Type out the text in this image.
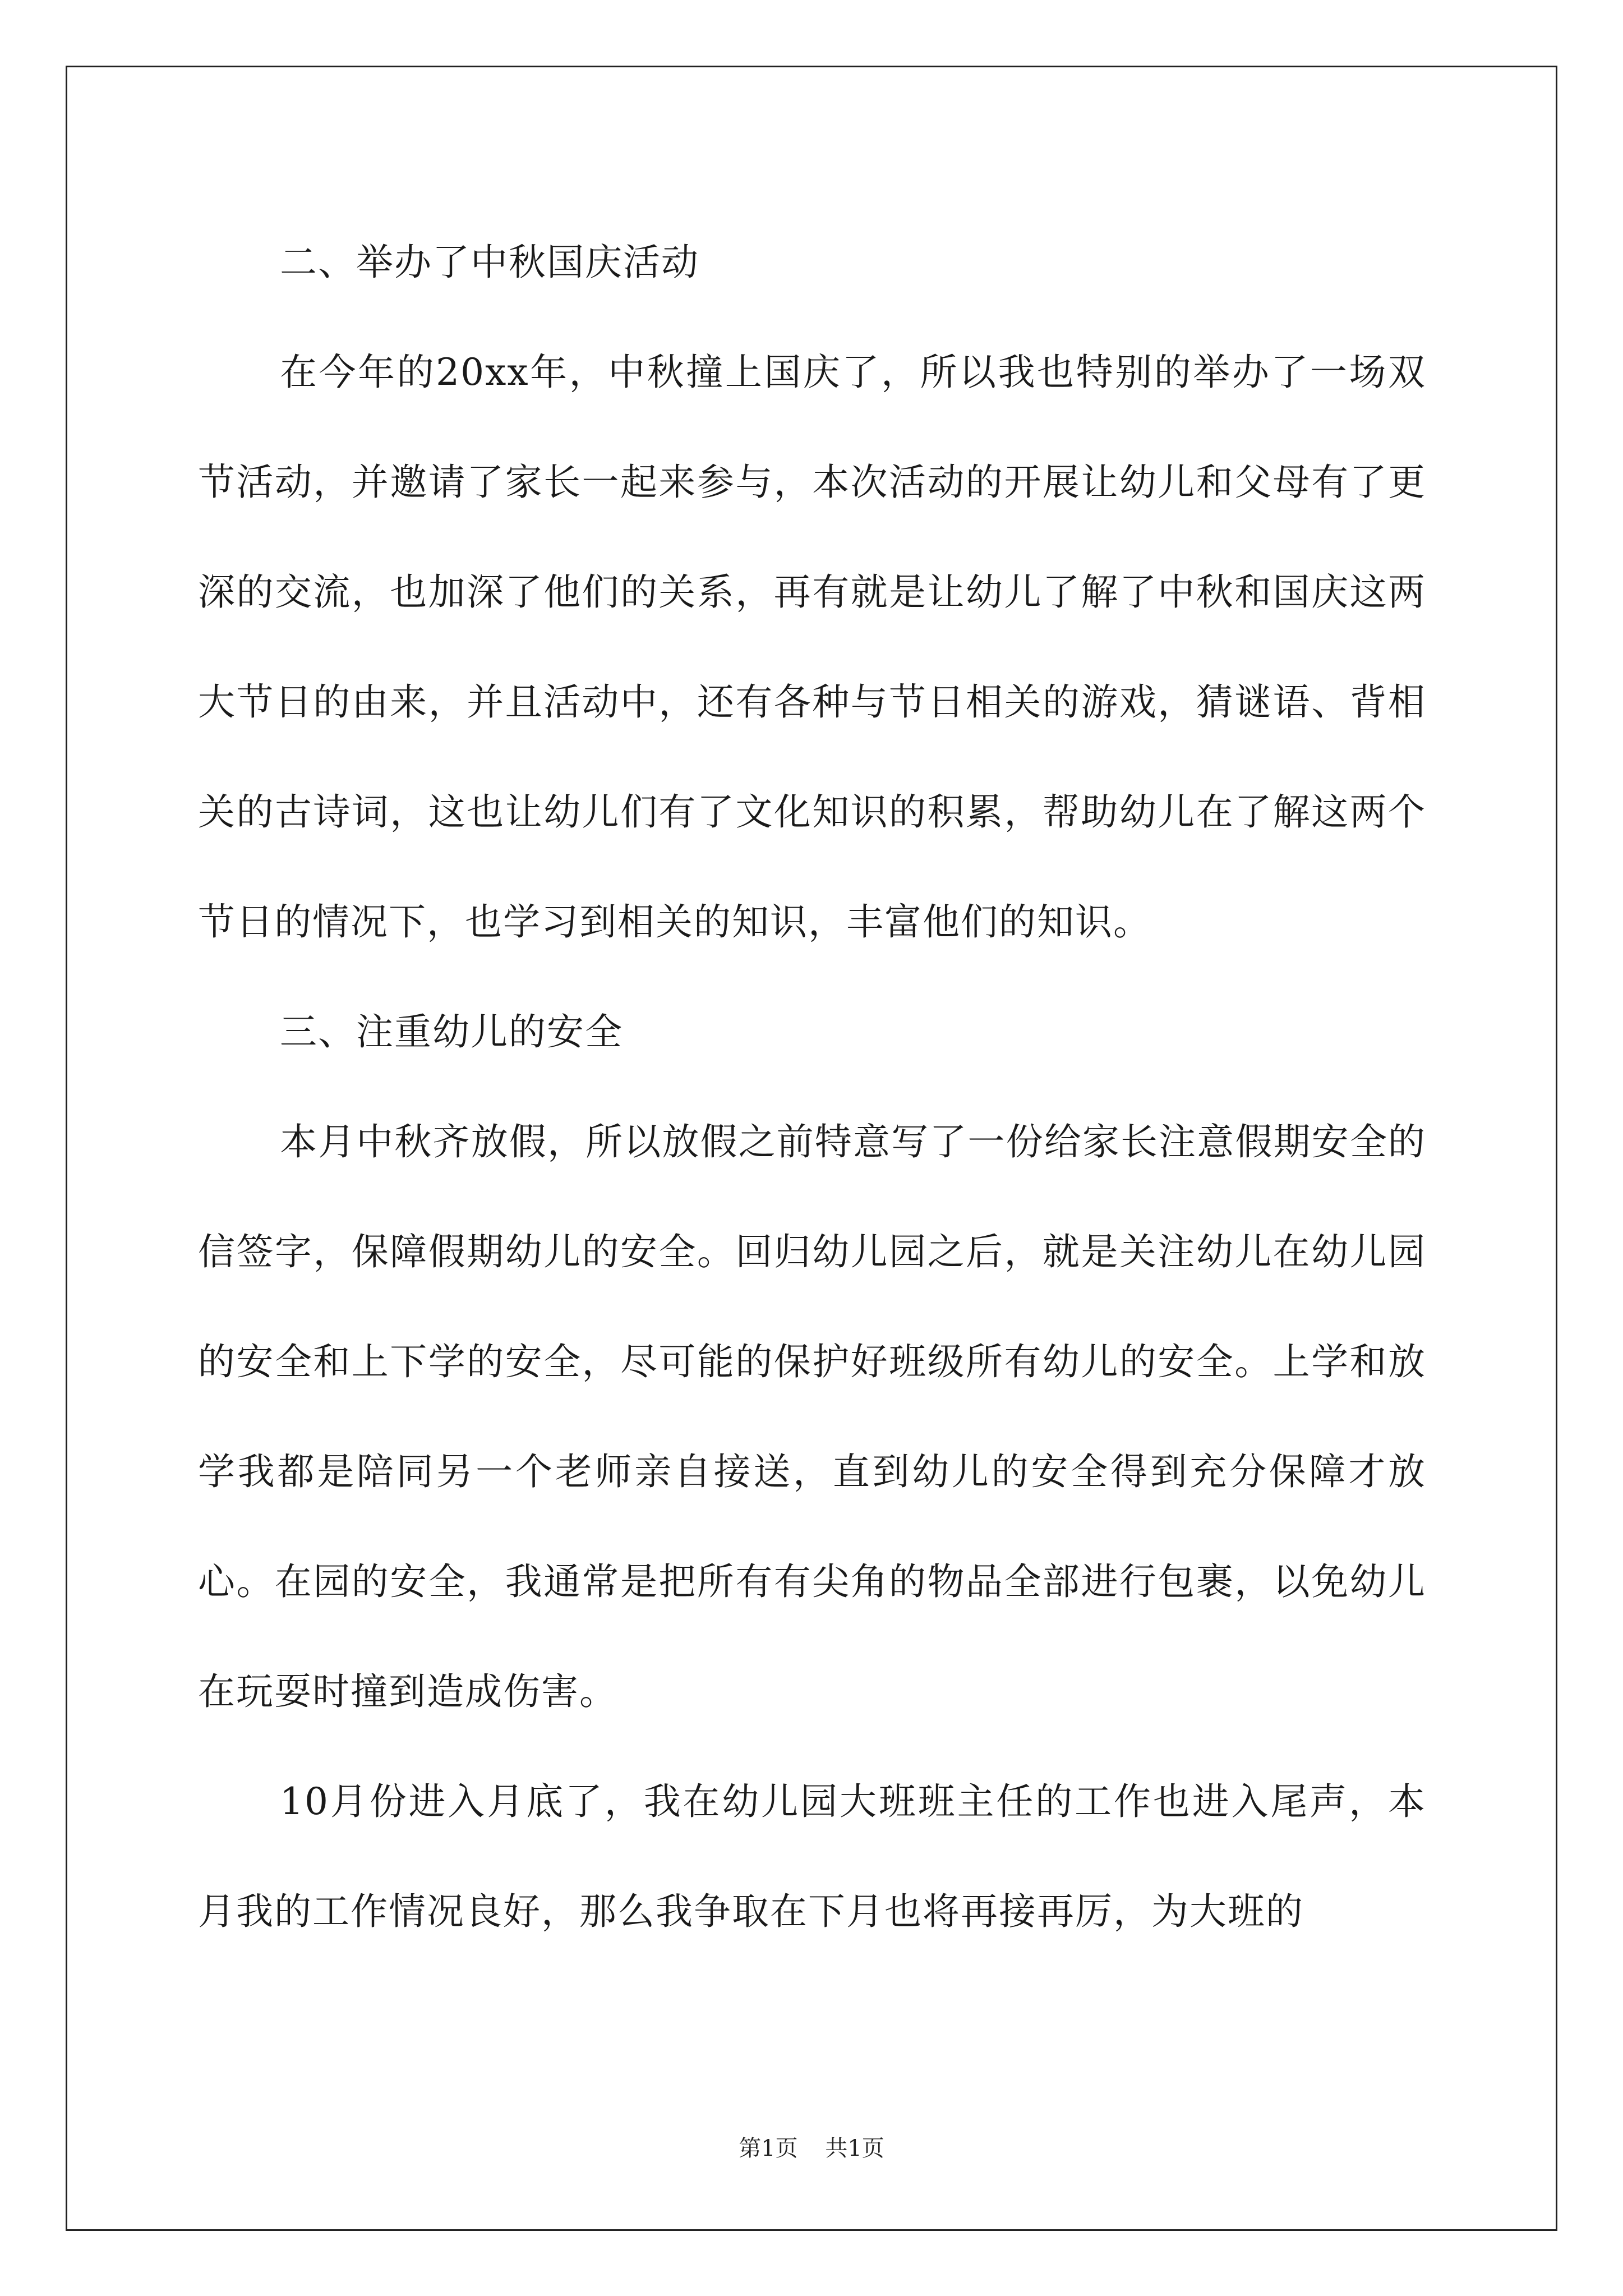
二、举办了中秋国庆活动

在今年的20xx年，中秋撞上国庆了，所以我也特别的举办了一场双节活动，并邀请了家长一起来参与，本次活动的开展让幼儿和父母有了更深的交流，也加深了他们的关系，再有就是让幼儿了解了中秋和国庆这两大节日的由来，并且活动中，还有各种与节日相关的游戏，猜谜语、背相关的古诗词，这也让幼儿们有了文化知识的积累，帮助幼儿在了解这两个节日的情况下，也学习到相关的知识，丰富他们的知识。

三、注重幼儿的安全

本月中秋齐放假，所以放假之前特意写了一份给家长注意假期安全的信签字，保障假期幼儿的安全。回归幼儿园之后，就是关注幼儿在幼儿园的安全和上下学的安全，尽可能的保护好班级所有幼儿的安全。上学和放学我都是陪同另一个老师亲自接送，直到幼儿的安全得到充分保障才放心。在园的安全，我通常是把所有有尖角的物品全部进行包裹，以免幼儿在玩耍时撞到造成伤害。

10月份进入月底了，我在幼儿园大班班主任的工作也进入尾声，本月我的工作情况良好，那么我争取在下月也将再接再厉，为大班的

第1页 共1页
